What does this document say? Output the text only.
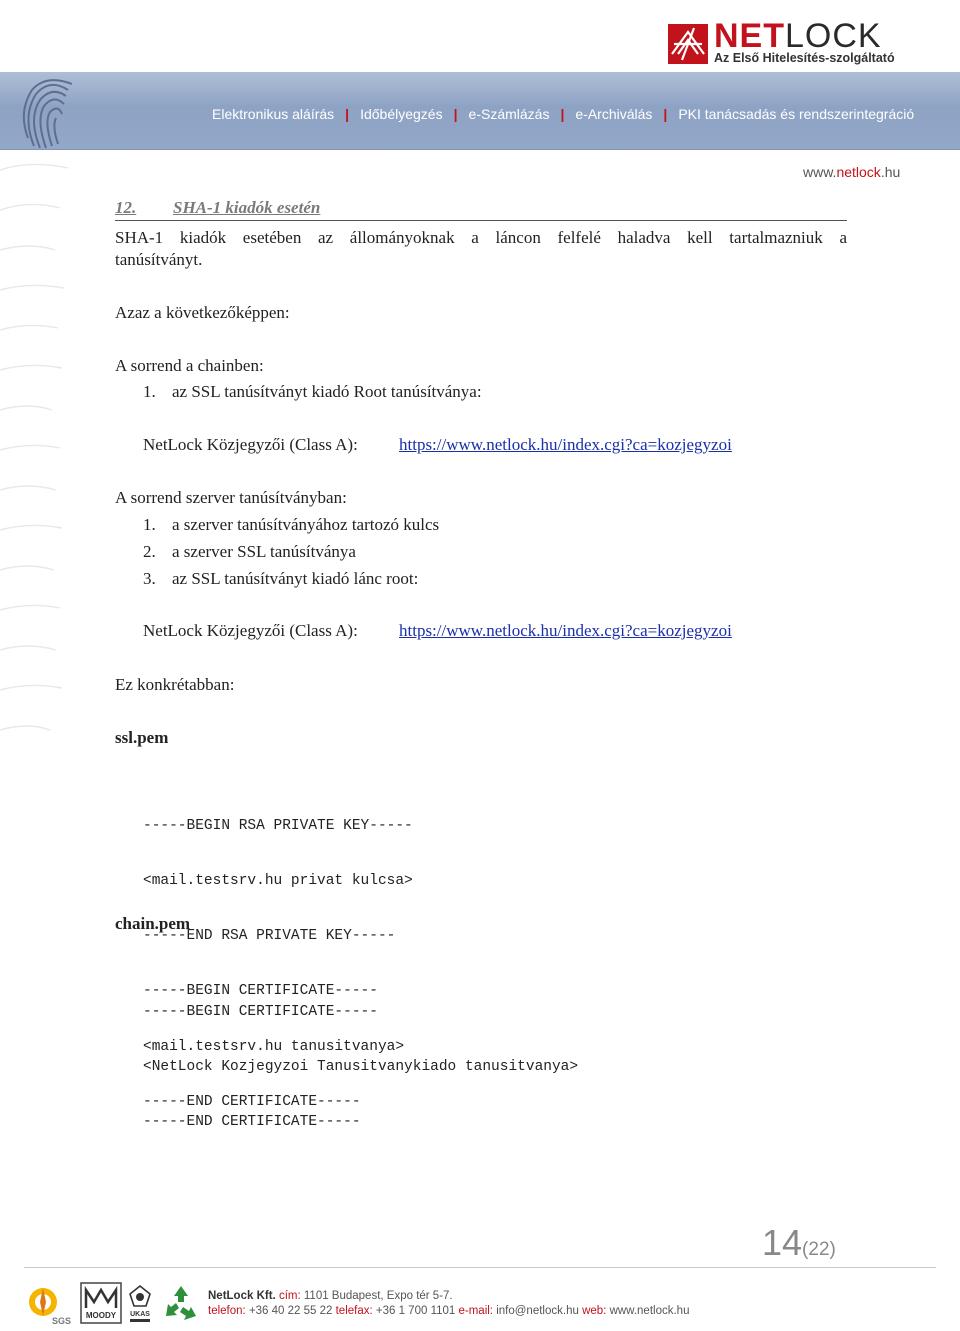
Elektronikus aláírás | Időbélyegzés | e-Számlázás | e-Archiválás | PKI tanácsadás és rendszerintegráció
NETLOCK
Az Első Hitelesítés-szolgáltató
www.netlock.hu
12. SHA-1 kiadók esetén
SHA-1 kiadók esetében az állományoknak a láncon felfelé haladva kell tartalmazniuk a
tanúsítványt.
Azaz a következőképpen:
A sorrend a chainben:
1. az SSL tanúsítványt kiadó Root tanúsítványa:
NetLock Közjegyzői (Class A): https://www.netlock.hu/index.cgi?ca=kozjegyzoi
A sorrend szerver tanúsítványban:
1. a szerver tanúsítványához tartozó kulcs
2. a szerver SSL tanúsítványa
3. az SSL tanúsítványt kiadó lánc root:
NetLock Közjegyzői (Class A): https://www.netlock.hu/index.cgi?ca=kozjegyzoi
Ez konkrétabban:
ssl.pem

-----BEGIN RSA PRIVATE KEY-----

<mail.testsrv.hu privat kulcsa>

-----END RSA PRIVATE KEY-----

-----BEGIN CERTIFICATE-----

<mail.testsrv.hu tanusitvanya>

-----END CERTIFICATE-----

chain.pem

-----BEGIN CERTIFICATE-----

<NetLock Kozjegyzoi Tanusitvanykiado tanusitvanya>

-----END CERTIFICATE-----

14(22)
SGS
MOODY UKAS
NetLock Kft. cím: 1101 Budapest, Expo tér 5-7.
telefon: +36 40 22 55 22 telefax: +36 1 700 1101 e-mail: info@netlock.hu web: www.netlock.hu
